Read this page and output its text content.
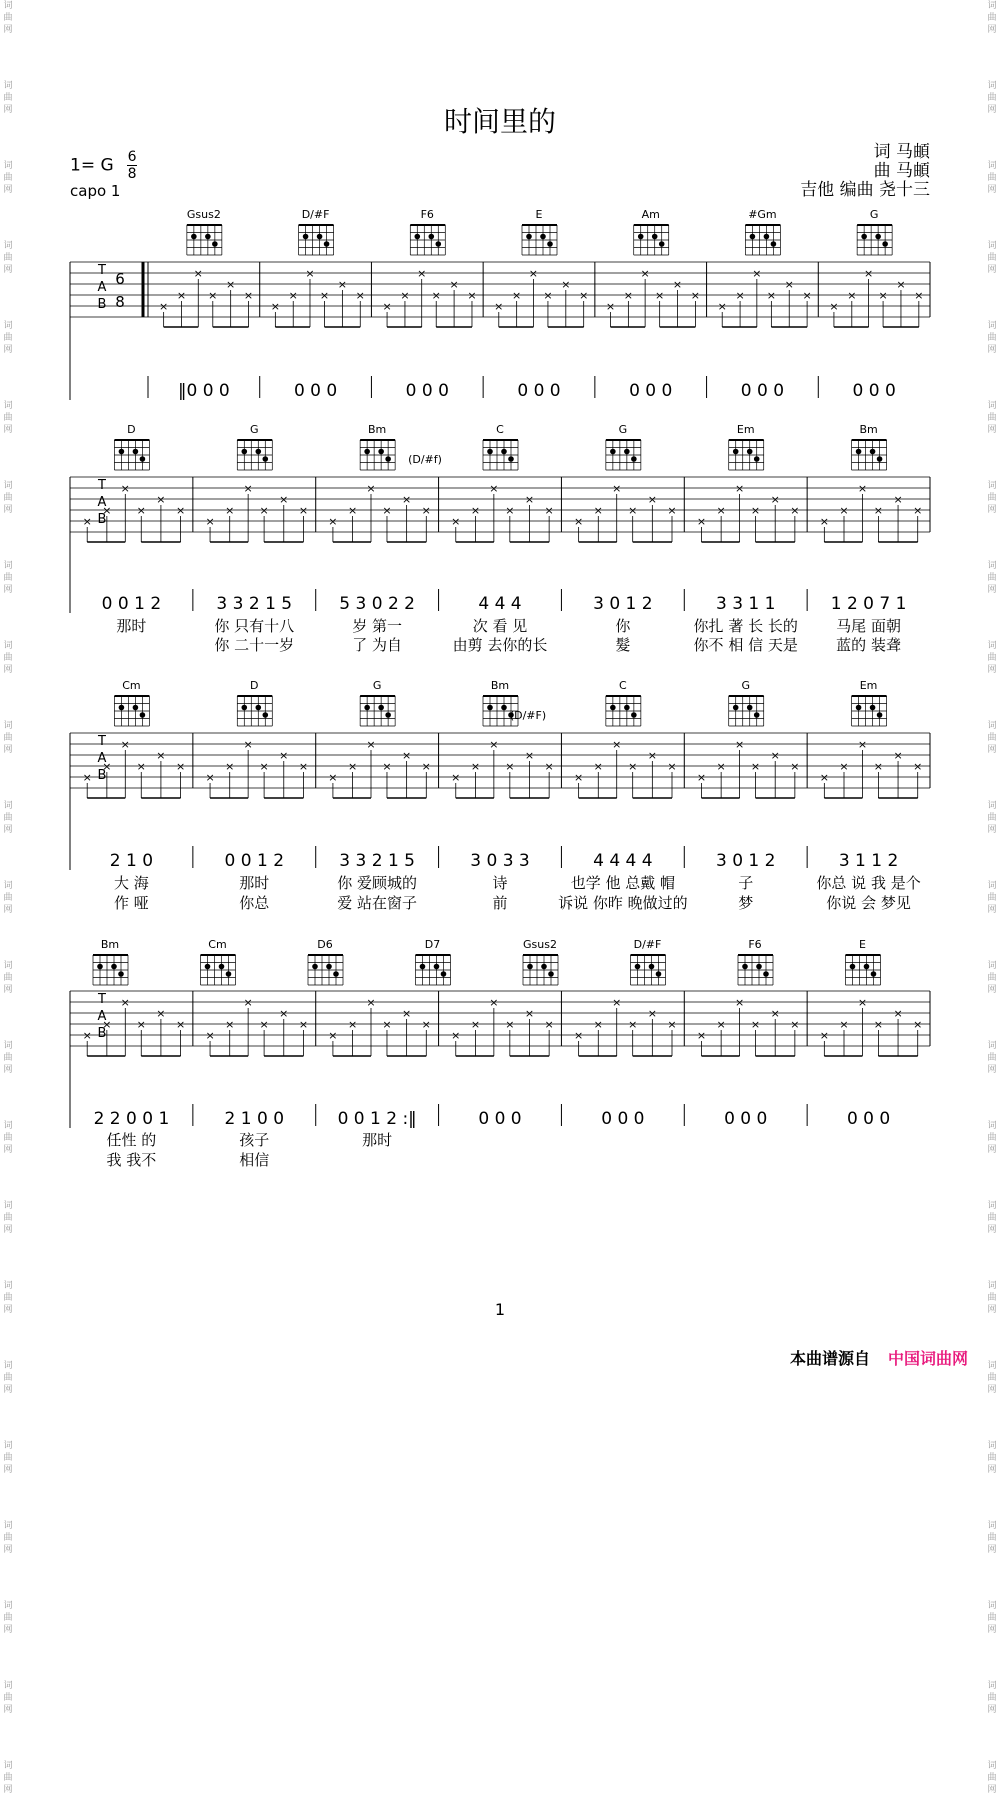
词
曲
网
词
曲
网
词
曲
网
词
曲
网
词
曲
网
词
曲
网
词
曲
网
词
曲
网
词
曲
网
词
曲
网
词
曲
网
词
曲
网
词
曲
网
词
曲
网
词
曲
网
词
曲
网
词
曲
网
词
曲
网
词
曲
网
词
曲
网
词
曲
网
词
曲
网
词
曲
网
词
曲
网
词
曲
网
词
曲
网
词
曲
网
词
曲
网
词
曲
网
词
曲
网
词
曲
网
词
曲
网
词
曲
网
词
曲
网
词
曲
网
词
曲
网
词
曲
网
词
曲
网
词
曲
网
词
曲
网
词
曲
网
词
曲
网
词
曲
网
词
曲
网
词
曲
网
词
曲
网
时间里的
1= G $\frac{6}{8}$
capo 1
词 马頔
曲 马頔
吉他 编曲 尧十三
T
A
B
6
8	×
×
×
×
×
×
‖0 0 0
×
×
×
×
×
×
0 0 0
×
×
×
×
×
×
0 0 0
×
×
×
×
×
×
0 0 0
×
×
×
×
×
×
0 0 0
×
×
×
×
×
×
0 0 0
×
×
×
×
×
×
0 0 0
Gsus2	D/#F	F6	E	Am	#Gm	G
T
A
B
×
×
×
×
×
×
0 0 1 2
那时
×
×
×
×
×
×
3 3 2 1 5
你 只有十八
你 二十一岁
×
×
×
×
×
×
5 3 0 2 2
岁 第一
了 为自
×
×
×
×
×
×
4 4 4
次 看 见
由剪 去你的长
×
×
×
×
×
×
3 0 1 2
你
髮
×
×
×
×
×
×
3 3 1 1
你扎 著 长 长的
你不 相 信 天是
×
×
×
×
×
×
1 2 0 7 1
马尾 面朝
蓝的 装聋
D	G	Bm	C	G	Em	Bm
(D/#f)
T
A
B
×
×
×
×
×
×
2 1 0
大 海
作 哑
×
×
×
×
×
×
0 0 1 2
那时
你总
×
×
×
×
×
×
3 3 2 1 5
你 爱顾城的
爱 站在窗子
×
×
×
×
×
×
3 0 3 3
诗
前
×
×
×
×
×
×
4 4 4 4
也学 他 总戴 帽
诉说 你昨 晚做过的
×
×
×
×
×
×
3 0 1 2
子
梦
×
×
×
×
×
×
3 1 1 2
你总 说 我 是个
你说 会 梦见
Cm	D	G	Bm	C	G	Em
(D/#F)
T
A
B
×
×
×
×
×
×
2 2 0 0 1
任性 的
我 我不
×
×
×
×
×
×
2 1 0 0
孩子
相信
×
×
×
×
×
×
0 0 1 2 :‖
那时
×
×
×
×
×
×
0 0 0
×
×
×
×
×
×
0 0 0
×
×
×
×
×
×
0 0 0
×
×
×
×
×
×
0 0 0
Bm	Cm	D6	D7	Gsus2	D/#F	F6	E
1
本曲谱源自 中国词曲网
